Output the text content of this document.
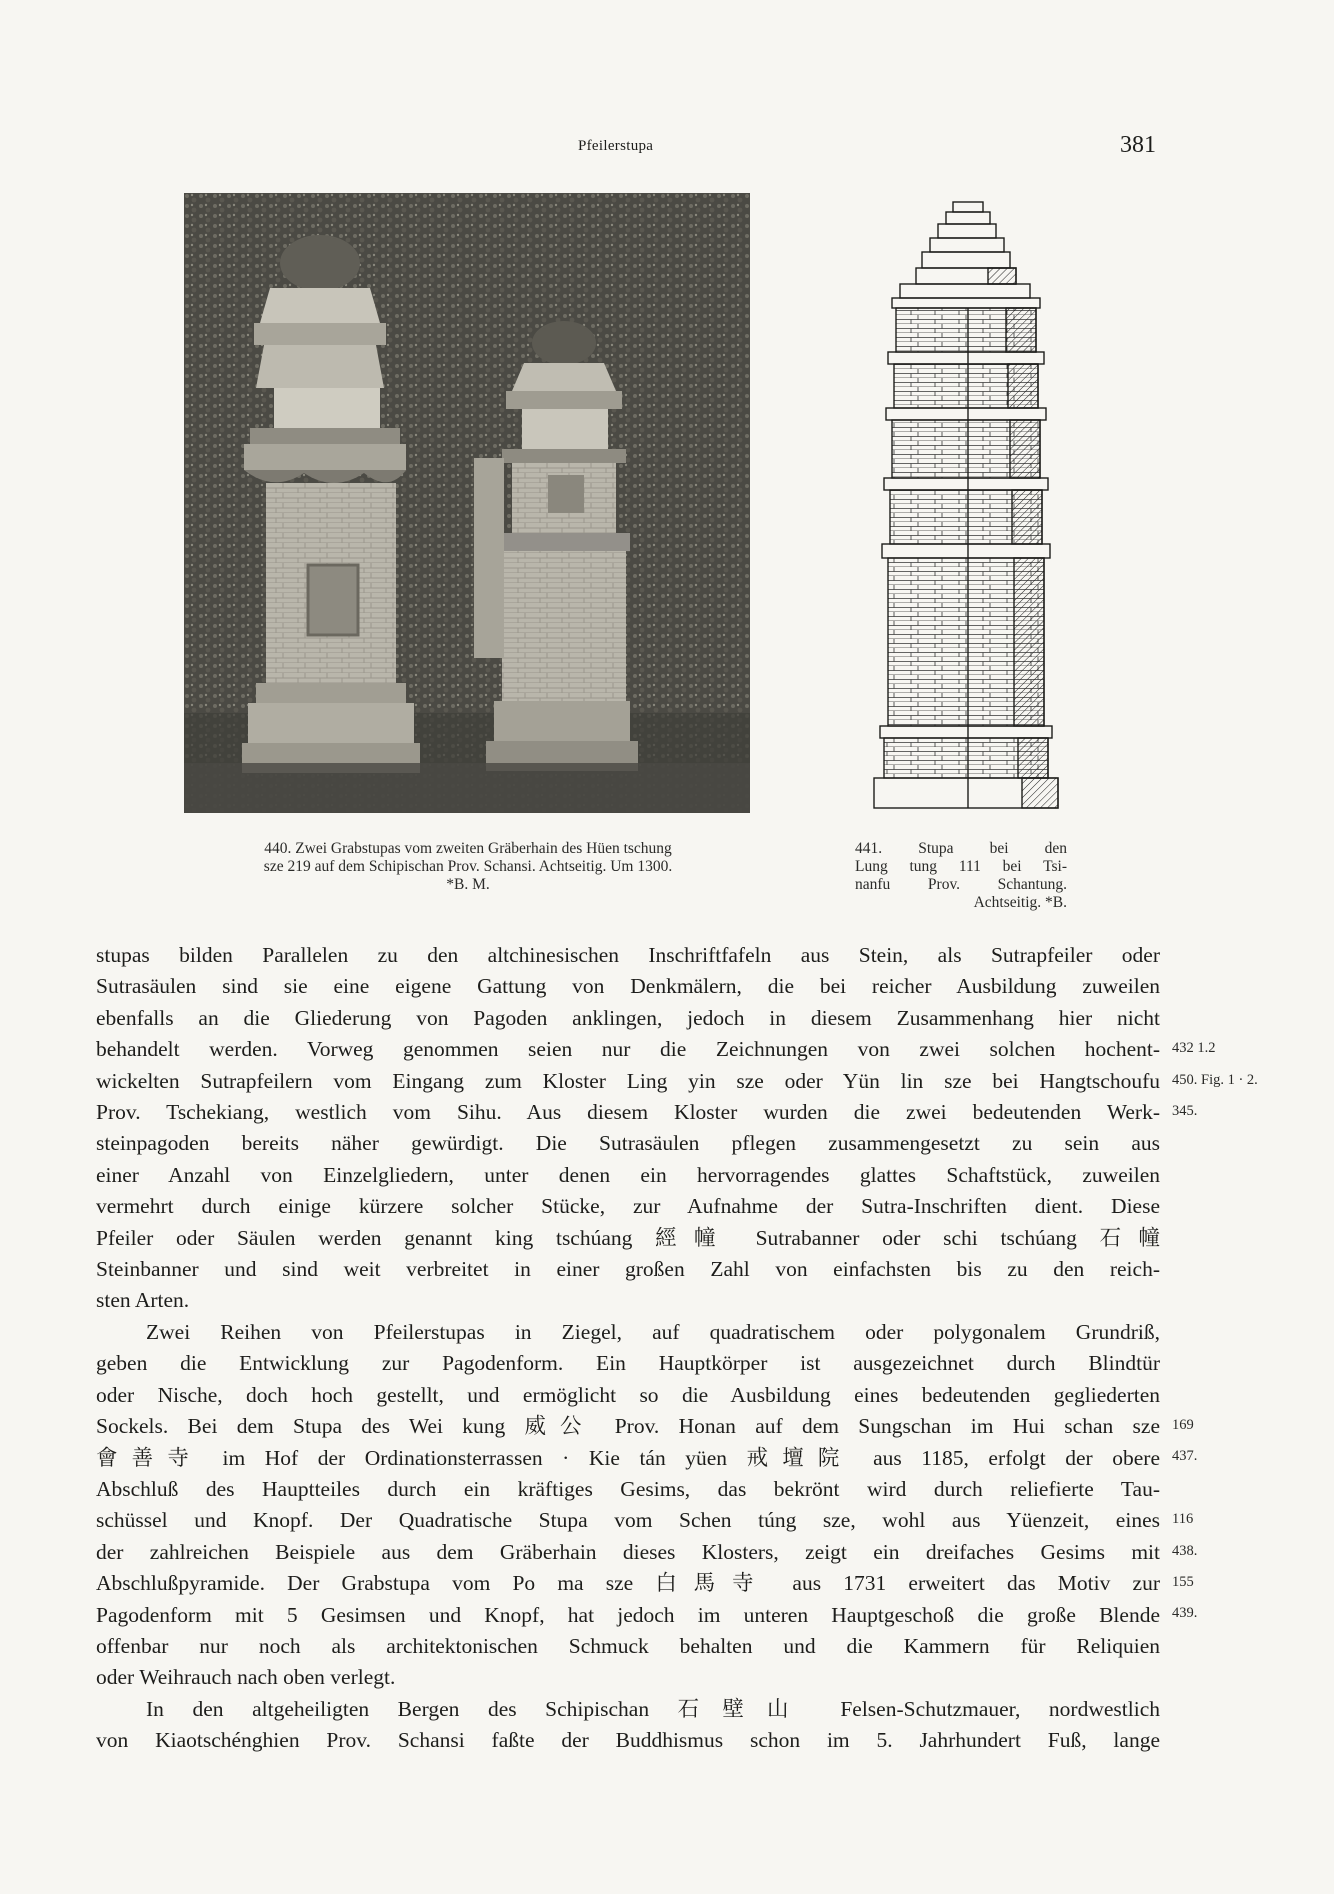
Pfeilerstupa	381
440. Zwei Grabstupas vom zweiten Gräberhain des Hüen tschung
sze 219 auf dem Schipischan Prov. Schansi. Achtseitig. Um 1300.
*B. M.
441. Stupa bei den
Lung tung 111 bei Tsi-
nanfu Prov. Schantung.
Achtseitig. *B.
stupas bilden Parallelen zu den altchinesischen Inschriftfafeln aus Stein, als Sutrapfeiler oder
Sutrasäulen sind sie eine eigene Gattung von Denkmälern, die bei reicher Ausbildung zuweilen
ebenfalls an die Gliederung von Pagoden anklingen, jedoch in diesem Zusammenhang hier nicht
behandelt werden. Vorweg genommen seien nur die Zeichnungen von zwei solchen hochent-
wickelten Sutrapfeilern vom Eingang zum Kloster Ling yin sze oder Yün lin sze bei Hangtschoufu
Prov. Tschekiang, westlich vom Sihu. Aus diesem Kloster wurden die zwei bedeutenden Werk-
steinpagoden bereits näher gewürdigt. Die Sutrasäulen pflegen zusammengesetzt zu sein aus
einer Anzahl von Einzelgliedern, unter denen ein hervorragendes glattes Schaftstück, zuweilen
vermehrt durch einige kürzere solcher Stücke, zur Aufnahme der Sutra-Inschriften dient. Diese
Pfeiler oder Säulen werden genannt king tschúang 經幢 Sutrabanner oder schi tschúang 石幢
Steinbanner und sind weit verbreitet in einer großen Zahl von einfachsten bis zu den reich-
sten Arten.
Zwei Reihen von Pfeilerstupas in Ziegel, auf quadratischem oder polygonalem Grundriß,
geben die Entwicklung zur Pagodenform. Ein Hauptkörper ist ausgezeichnet durch Blindtür
oder Nische, doch hoch gestellt, und ermöglicht so die Ausbildung eines bedeutenden gegliederten
Sockels. Bei dem Stupa des Wei kung 威公 Prov. Honan auf dem Sungschan im Hui schan sze
會善寺 im Hof der Ordinationsterrassen · Kie tán yüen 戒壇院 aus 1185, erfolgt der obere
Abschluß des Hauptteiles durch ein kräftiges Gesims, das bekrönt wird durch reliefierte Tau-
schüssel und Knopf. Der Quadratische Stupa vom Schen túng sze, wohl aus Yüenzeit, eines
der zahlreichen Beispiele aus dem Gräberhain dieses Klosters, zeigt ein dreifaches Gesims mit
Abschlußpyramide. Der Grabstupa vom Po ma sze 白馬寺 aus 1731 erweitert das Motiv zur
Pagodenform mit 5 Gesimsen und Knopf, hat jedoch im unteren Hauptgeschoß die große Blende
offenbar nur noch als architektonischen Schmuck behalten und die Kammern für Reliquien
oder Weihrauch nach oben verlegt.
In den altgeheiligten Bergen des Schipischan 石壁山 Felsen-Schutzmauer, nordwestlich
von Kiaotschénghien Prov. Schansi faßte der Buddhismus schon im 5. Jahrhundert Fuß, lange
432 1.2
450. Fig. 1 · 2.
345.
169
437.
116
438.
155
439.
